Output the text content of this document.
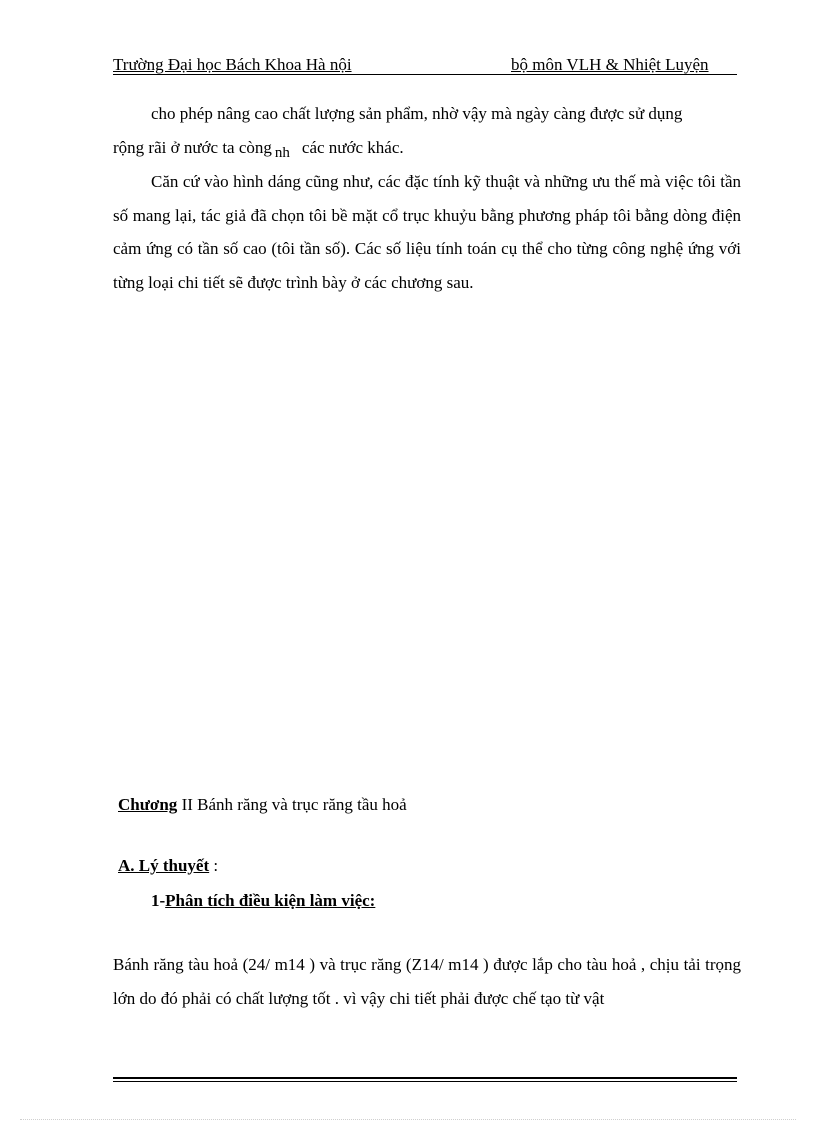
Trường Đại học Bách Khoa Hà nội	bộ môn VLH & Nhiệt Luyện

cho phép nâng cao chất lượng sản phẩm, nhờ vậy mà ngày càng được sử dụng

rộng rãi ở nước ta còng nh các nước khác.

Căn cứ vào hình dáng cũng như, các đặc tính kỹ thuật và những ưu thế mà việc tôi tần số mang lại, tác giả đã chọn tôi bề mặt cổ trục khuỷu bằng phương pháp tôi bằng dòng điện cảm ứng có tần số cao (tôi tần số). Các số liệu tính toán cụ thể cho từng công nghệ ứng với từng loại chi tiết sẽ được trình bày ở các chương sau.

Chương II Bánh răng và trục răng tầu hoả
A. Lý thuyết :
1-Phân tích điều kiện làm việc:

Bánh răng tàu hoả (24/ m14 ) và trục răng (Z14/ m14 ) được lắp cho tàu hoả , chịu tải trọng lớn do đó phải có chất lượng tốt . vì vậy chi tiết phải được chế tạo từ vật
